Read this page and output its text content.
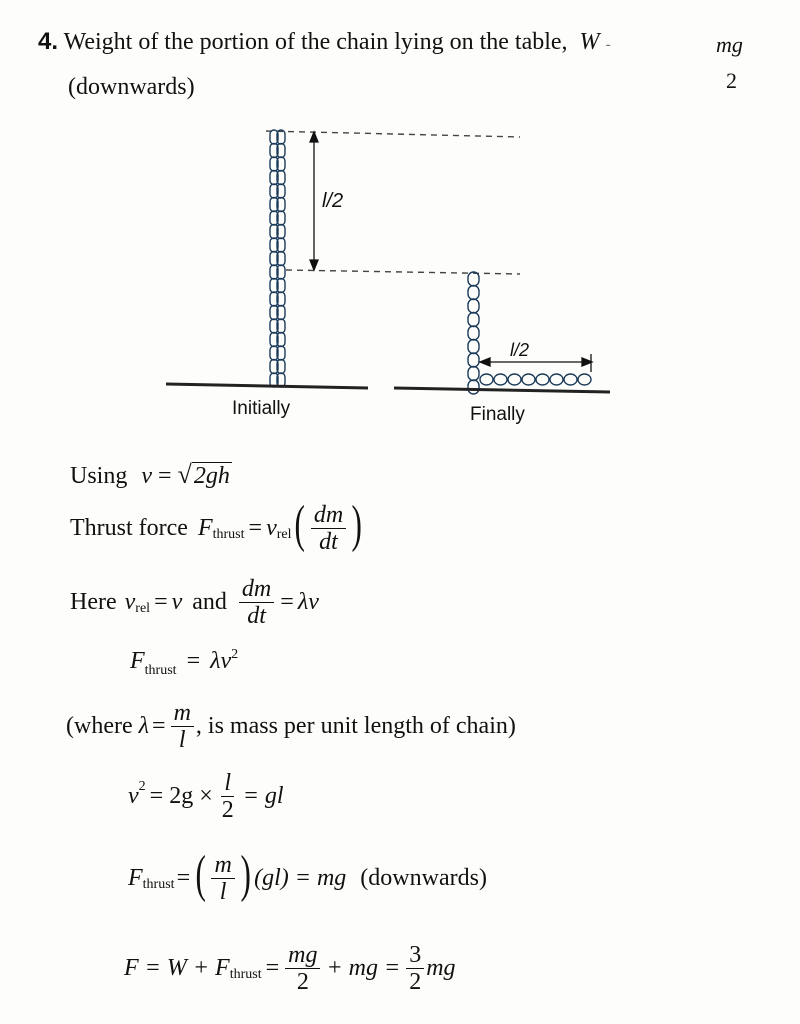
4. Weight of the portion of the chain lying on the table, W -	mg
2
(downwards)
l/2
l/2
Initially	Finally
Using v = √2gh
Thrust force F thrust = v rel ( $\frac{dm}{dt}$ )
Here v rel = v and $\frac{dm}{dt} = \lambda v$
$F_{thrust} = \lambda v^2$
(where $\lambda = \frac{m}{l}$ , is mass per unit length of chain)
v $2 = 2g \times \frac{l}{2}$ = gl
F thrust = ( $\frac{m}{l}$ ) (gl) = mg (downwards)
F = W + F thrust = $\frac{mg}{2}$ + mg = $\frac{3}{2}$ mg
